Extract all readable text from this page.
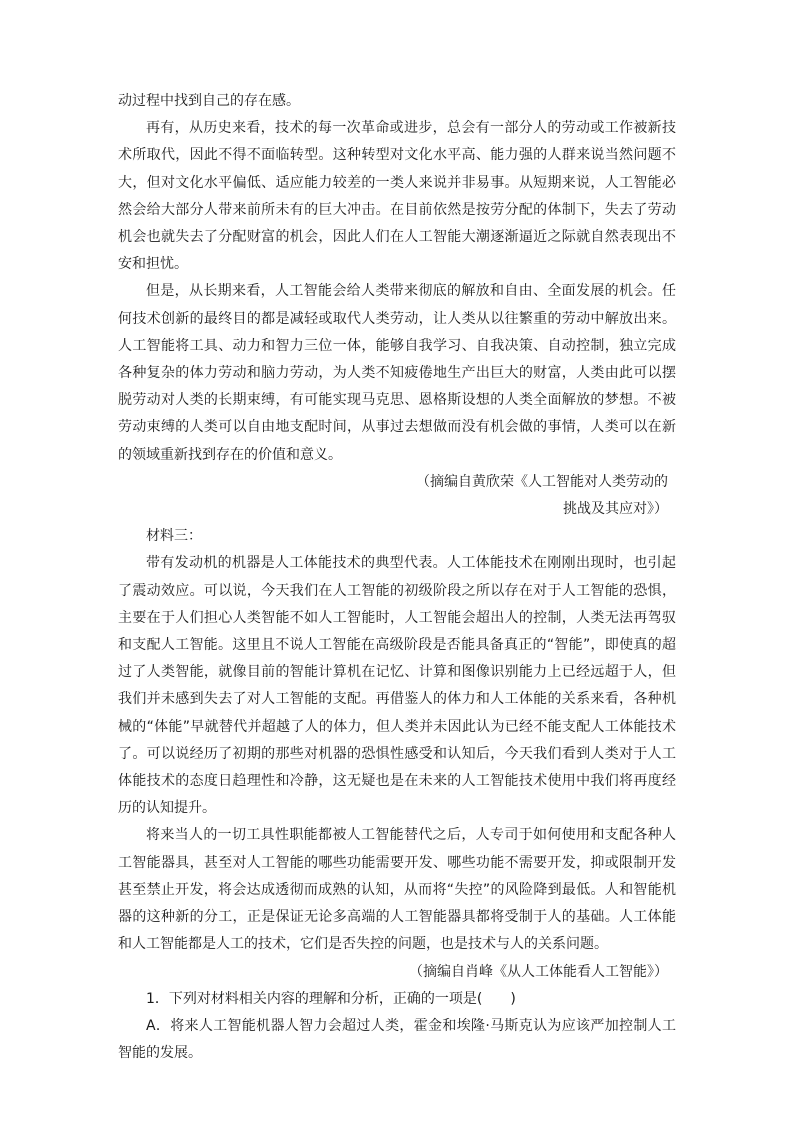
动过程中找到自己的存在感。

再有，从历史来看，技术的每一次革命或进步，总会有一部分人的劳动或工作被新技术所取代，因此不得不面临转型。这种转型对文化水平高、能力强的人群来说当然问题不大，但对文化水平偏低、适应能力较差的一类人来说并非易事。从短期来说，人工智能必然会给大部分人带来前所未有的巨大冲击。在目前依然是按劳分配的体制下，失去了劳动机会也就失去了分配财富的机会，因此人们在人工智能大潮逐渐逼近之际就自然表现出不安和担忧。

但是，从长期来看，人工智能会给人类带来彻底的解放和自由、全面发展的机会。任何技术创新的最终目的都是减轻或取代人类劳动，让人类从以往繁重的劳动中解放出来。人工智能将工具、动力和智力三位一体，能够自我学习、自我决策、自动控制，独立完成各种复杂的体力劳动和脑力劳动，为人类不知疲倦地生产出巨大的财富，人类由此可以摆脱劳动对人类的长期束缚，有可能实现马克思、恩格斯设想的人类全面解放的梦想。不被劳动束缚的人类可以自由地支配时间，从事过去想做而没有机会做的事情，人类可以在新的领域重新找到存在的价值和意义。

（摘编自黄欣荣《人工智能对人类劳动的

挑战及其应对》）

材料三：

带有发动机的机器是人工体能技术的典型代表。人工体能技术在刚刚出现时，也引起了震动效应。可以说，今天我们在人工智能的初级阶段之所以存在对于人工智能的恐惧，主要在于人们担心人类智能不如人工智能时，人工智能会超出人的控制，人类无法再驾驭和支配人工智能。这里且不说人工智能在高级阶段是否能具备真正的“智能”，即使真的超过了人类智能，就像目前的智能计算机在记忆、计算和图像识别能力上已经远超于人，但我们并未感到失去了对人工智能的支配。再借鉴人的体力和人工体能的关系来看，各种机械的“体能”早就替代并超越了人的体力，但人类并未因此认为已经不能支配人工体能技术了。可以说经历了初期的那些对机器的恐惧性感受和认知后，今天我们看到人类对于人工体能技术的态度日趋理性和冷静，这无疑也是在未来的人工智能技术使用中我们将再度经历的认知提升。

将来当人的一切工具性职能都被人工智能替代之后，人专司于如何使用和支配各种人工智能器具，甚至对人工智能的哪些功能需要开发、哪些功能不需要开发，抑或限制开发甚至禁止开发，将会达成透彻而成熟的认知，从而将“失控”的风险降到最低。人和智能机器的这种新的分工，正是保证无论多高端的人工智能器具都将受制于人的基础。人工体能和人工智能都是人工的技术，它们是否失控的问题，也是技术与人的关系问题。

（摘编自肖峰《从人工体能看人工智能》）

1．下列对材料相关内容的理解和分析，正确的一项是(　　)

A．将来人工智能机器人智力会超过人类，霍金和埃隆·马斯克认为应该严加控制人工智能的发展。
